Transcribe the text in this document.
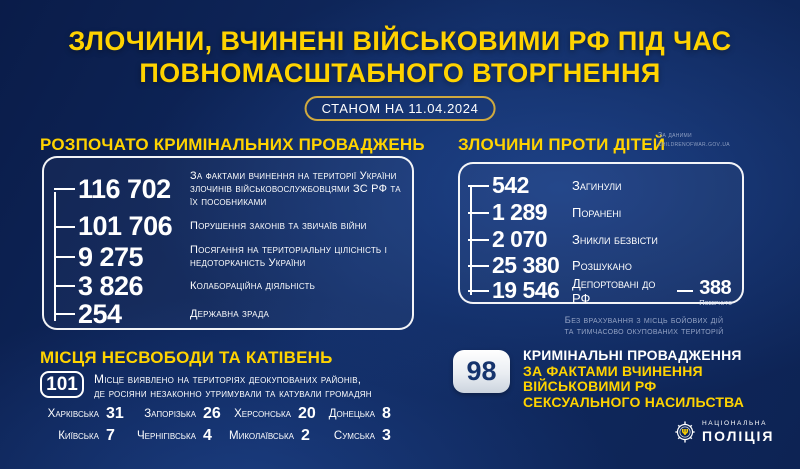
ЗЛОЧИНИ, ВЧИНЕНІ ВІЙСЬКОВИМИ РФ ПІД ЧАС
ПОВНОМАСШТАБНОГО ВТОРГНЕННЯ
СТАНОМ НА 11.04.2024
РОЗПОЧАТО КРИМІНАЛЬНИХ ПРОВАДЖЕНЬ
116 702	За фактами вчинення на території України злочинів військовослужбовцями ЗС РФ та їх пособниками
101 706	Порушення законів та звичаїв війни
9 275	Посягання на територіальну цілісність і недоторканість України
3 826	Колабораційна діяльність
254	Державна зрада
ЗЛОЧИНИ ПРОТИ ДІТЕЙ
За даними
childrenofwar.gov.ua
542	Загинули
1 289	Поранені
2 070	Зникли безвісти
25 380 Розшукано
19 546 Депортовані до РФ	388
Повернуто
Без врахування з місць бойових дій
та тимчасово окупованих територій
МІСЦЯ НЕСВОБОДИ ТА КАТІВЕНЬ
101	Місце виявлено на територіях деокупованих районів,
де росіяни незаконно утримували та катували громадян
Харківська 31	Запорізька 26	Херсонська 20	Донецька 8
Київська 7	Чернігівська 4	Миколаївська 2	Сумська 3
98
КРИМІНАЛЬНІ ПРОВАДЖЕННЯ
ЗА ФАКТАМИ ВЧИНЕННЯ
ВІЙСЬКОВИМИ РФ
СЕКСУАЛЬНОГО НАСИЛЬСТВА
Ψ
НАЦІОНАЛЬНА
ПОЛІЦІЯ
